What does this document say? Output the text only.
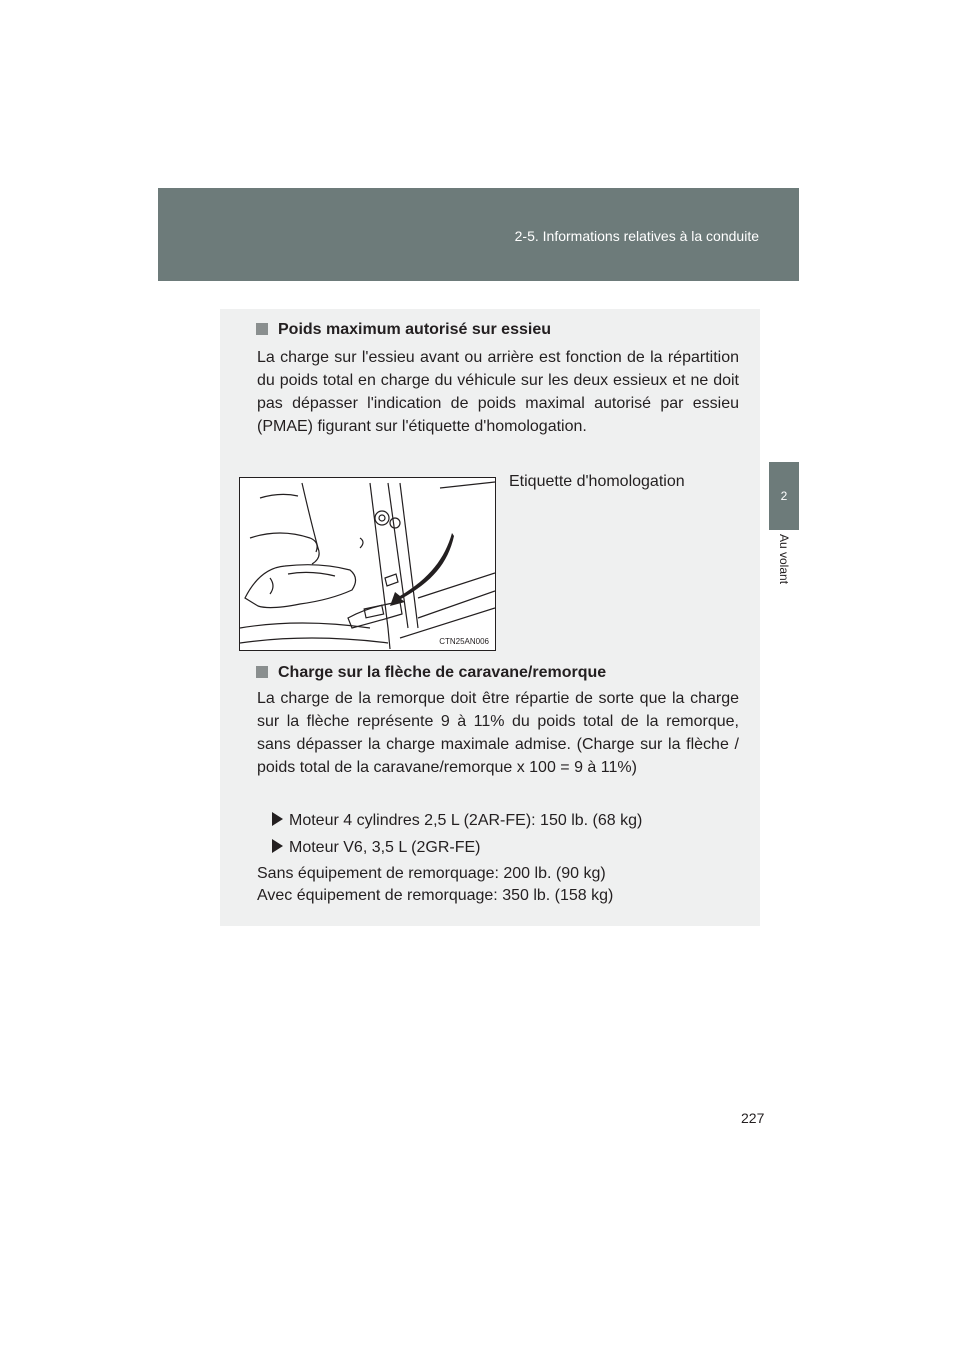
2-5. Informations relatives à la conduite
2
Au volant
Poids maximum autorisé sur essieu
La charge sur l'essieu avant ou arrière est fonction de la répartition du poids total en charge du véhicule sur les deux essieux et ne doit pas dépasser l'indication de poids maximal autorisé par essieu (PMAE) figurant sur l'étiquette d'homologation.
CTN25AN006
Etiquette d'homologation
Charge sur la flèche de caravane/remorque
La charge de la remorque doit être répartie de sorte que la charge sur la flèche représente 9 à 11% du poids total de la remorque, sans dépasser la charge maximale admise. (Charge sur la flèche / poids total de la caravane/remorque x 100 = 9 à 11%)
Moteur 4 cylindres 2,5 L (2AR-FE): 150 lb. (68 kg)
Moteur V6, 3,5 L (2GR-FE)
Sans équipement de remorquage: 200 lb. (90 kg)
Avec équipement de remorquage: 350 lb. (158 kg)
227
